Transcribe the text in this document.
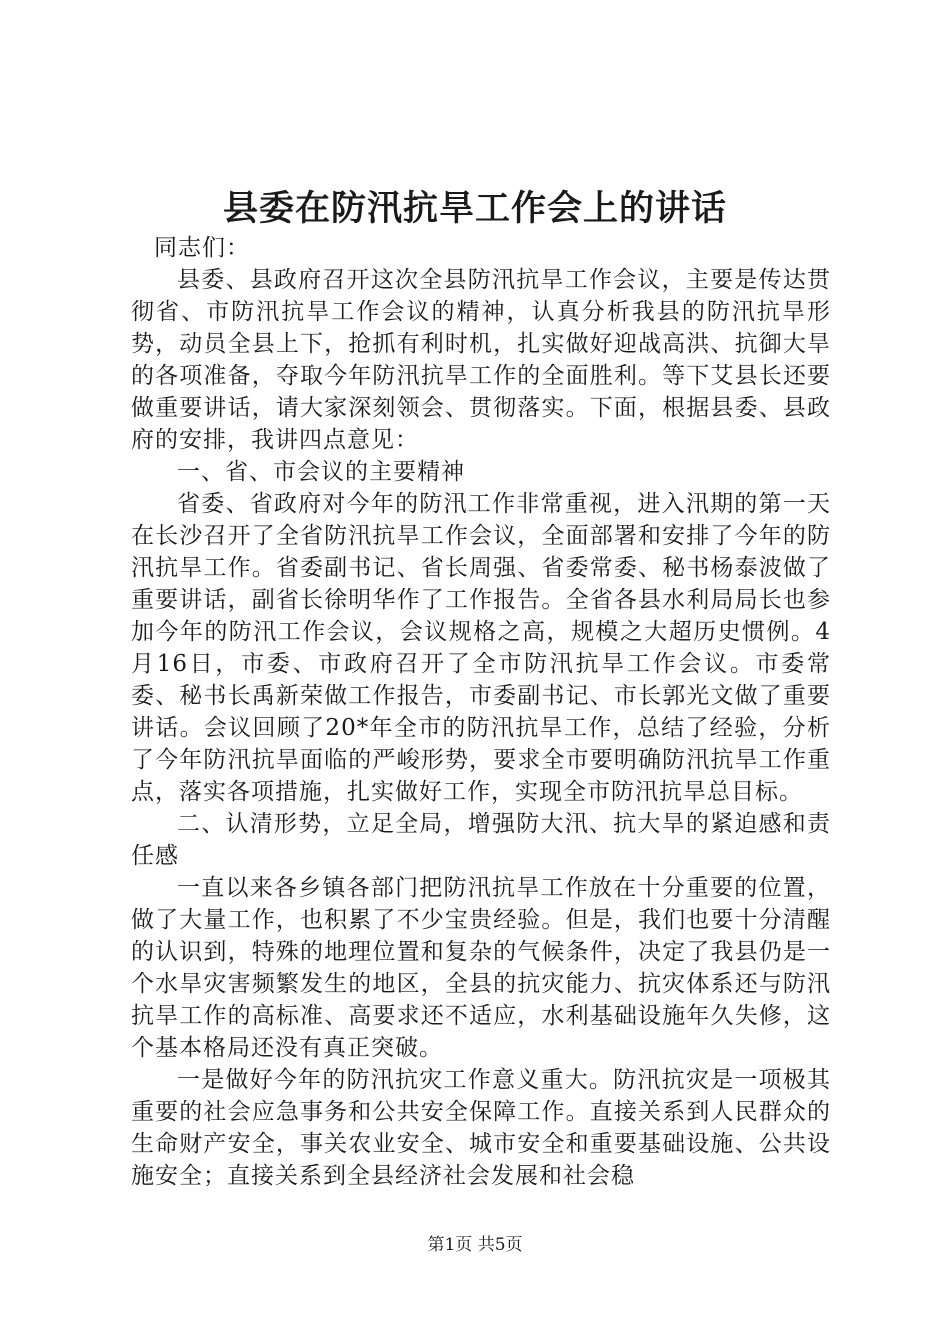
县委在防汛抗旱工作会上的讲话

同志们：

县委、县政府召开这次全县防汛抗旱工作会议，主要是传达贯彻省、市防汛抗旱工作会议的精神，认真分析我县的防汛抗旱形势，动员全县上下，抢抓有利时机，扎实做好迎战高洪、抗御大旱的各项准备，夺取今年防汛抗旱工作的全面胜利。等下艾县长还要做重要讲话，请大家深刻领会、贯彻落实。下面，根据县委、县政府的安排，我讲四点意见：

一、省、市会议的主要精神

省委、省政府对今年的防汛工作非常重视，进入汛期的第一天在长沙召开了全省防汛抗旱工作会议，全面部署和安排了今年的防汛抗旱工作。省委副书记、省长周强、省委常委、秘书杨泰波做了重要讲话，副省长徐明华作了工作报告。全省各县水利局局长也参加今年的防汛工作会议，会议规格之高，规模之大超历史惯例。4月16日，市委、市政府召开了全市防汛抗旱工作会议。市委常委、秘书长禹新荣做工作报告，市委副书记、市长郭光文做了重要讲话。会议回顾了20*年全市的防汛抗旱工作，总结了经验，分析了今年防汛抗旱面临的严峻形势，要求全市要明确防汛抗旱工作重点，落实各项措施，扎实做好工作，实现全市防汛抗旱总目标。

二、认清形势，立足全局，增强防大汛、抗大旱的紧迫感和责任感

一直以来各乡镇各部门把防汛抗旱工作放在十分重要的位置，做了大量工作，也积累了不少宝贵经验。但是，我们也要十分清醒的认识到，特殊的地理位置和复杂的气候条件，决定了我县仍是一个水旱灾害频繁发生的地区，全县的抗灾能力、抗灾体系还与防汛抗旱工作的高标准、高要求还不适应，水利基础设施年久失修，这个基本格局还没有真正突破。

一是做好今年的防汛抗灾工作意义重大。防汛抗灾是一项极其重要的社会应急事务和公共安全保障工作。直接关系到人民群众的生命财产安全，事关农业安全、城市安全和重要基础设施、公共设施安全；直接关系到全县经济社会发展和社会稳

第1页 共5页
